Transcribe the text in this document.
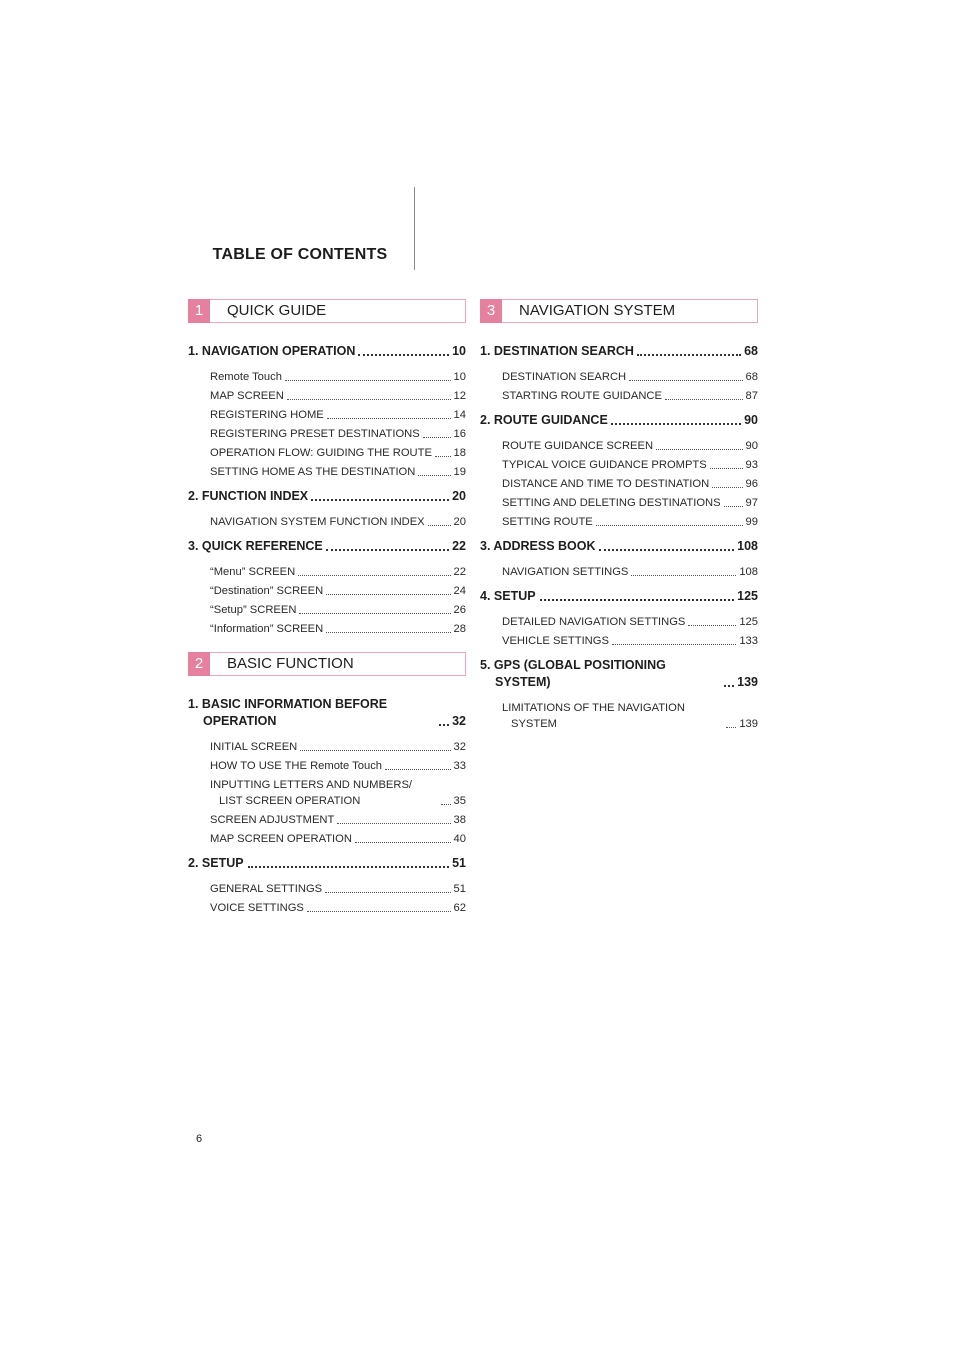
TABLE OF CONTENTS
1	QUICK GUIDE
1. NAVIGATION OPERATION	10
Remote Touch	10
MAP SCREEN	12
REGISTERING HOME	14
REGISTERING PRESET DESTINATIONS	16
OPERATION FLOW: GUIDING THE ROUTE 18
SETTING HOME AS THE DESTINATION	19
2. FUNCTION INDEX	20
NAVIGATION SYSTEM FUNCTION INDEX	20
3. QUICK REFERENCE	22
“Menu” SCREEN	22
“Destination” SCREEN	24
“Setup” SCREEN	26
“Information” SCREEN	28
2	BASIC FUNCTION
1. BASIC INFORMATION BEFORE OPERATION	32
INITIAL SCREEN	32
HOW TO USE THE Remote Touch	33
INPUTTING LETTERS AND NUMBERS/ LIST SCREEN OPERATION	35
SCREEN ADJUSTMENT	38
MAP SCREEN OPERATION	40
2. SETUP	51
GENERAL SETTINGS	51
VOICE SETTINGS	62
3	NAVIGATION SYSTEM
1. DESTINATION SEARCH	68
DESTINATION SEARCH	68
STARTING ROUTE GUIDANCE	87
2. ROUTE GUIDANCE	90
ROUTE GUIDANCE SCREEN	90
TYPICAL VOICE GUIDANCE PROMPTS	93
DISTANCE AND TIME TO DESTINATION	96
SETTING AND DELETING DESTINATIONS 97
SETTING ROUTE	99
3. ADDRESS BOOK	108
NAVIGATION SETTINGS	108
4. SETUP	125
DETAILED NAVIGATION SETTINGS	125
VEHICLE SETTINGS	133
5. GPS (GLOBAL POSITIONING SYSTEM)	139
LIMITATIONS OF THE NAVIGATION SYSTEM	139
6
